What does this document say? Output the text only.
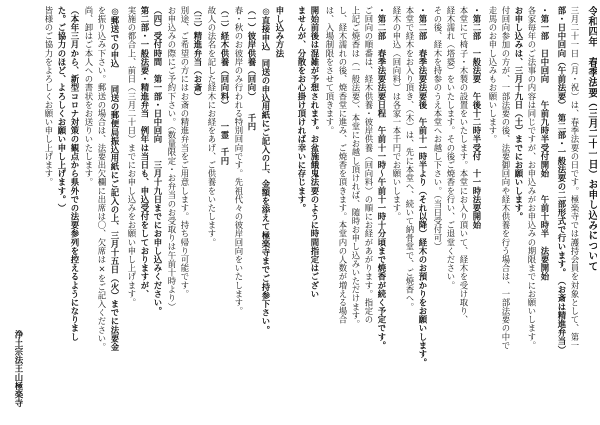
令和四年　春季法要（三月二十一日）お申し込みについて
三月二十一日（月・祝）は、春季法要の日です。極楽寺では護持会員を対象として、第一
部・日中回向（午前法要）　第二部・一般法要の二部形式で行います。（お斎は精進弁当）
・第一部　日中回向　　午前九時半受付開始　　午前十時半　法要開始
各家毎年のご法事の内容は同じですが、お申込みがお申込みの期限までにお願いします。
お申し込みは、三月十九日（土）までにお願いします。
付回向参加の方が、一部法要の後、法要御回向や経木供養を行う場合は、一部法要の中で
走馬のお申し込みもお願いします。
・第二部　一般法要　午後十二時半受付　十一時法要開始
本堂にて椅子・木製の設置をいたします。本堂にお入り頂いて、経木を受け取り、
経木濡れ（塔婆）をいたします。その後ご焼香を行い、ご退堂ください。
その後、経木を持参のうえ本堂へお越し下さい。（当日受付可）
・第二部　春季法要法要後　午前十一時半より（それ以降）経木のお預かりをお願いします。
本堂で経木をお入り頂き、（木）は、先に本堂へ、続いて納骨堂で、ご焼香へ。
経木の申込（回向料）は各家一本千円でお願いします。
・第二部　春季法要法要日程　午前十一時～午前十一時十分頃まで焼香が続く予定です。
ご回向の順番は、経木供養・彼岸供養（回向料）の順にお経があがります。指定の
上記ご焼香は（一般法要）、本堂にお越し頂ければ、随時お申し込みいただけます。
し、経木濡れの後、焼香堂に進み、ご焼香を頂きます。本堂内の人数が増える場合
は、入場制限をさせて頂きます。
開始前後は混雑が予想されます。お盆施餓鬼法要のように時間指定はござい
ませんが、分散をお心掛け頂ければ幸いに存じます。
申し込み方法
◎直接申込　同送の申込用紙にご記入の上、金額を添えて極楽寺までご持参下さい。
（一）彼岸供養（回向）　　千円
春・秋のお彼岸のみ行われる特別回向です。先祖代々の彼岸回向をいたします。
（二）経木供養（回向料）　　一霊　千円
故人の法名を記した経木にお経をあげ、ご供養をいたします。
（三）精進弁当（お斎）
別途、ご希望の方にはお斎の精進弁当をご用意します。持ち帰り可能です。
お申込みの際にご予約下さい。（数量限定・お弁当のお受取りは午前十時より）
（四）受付時間　第一部・日中回向　　三月十九日までにお申し込みください。
第二部・一般法要・精進弁当　例年は当日も、申込受付をしておりますが、
実施の都合上、前日（三月二十日）までにお申し込みをお願い申し上げます。
◎郵送での申込　　同送の郵便局振込用紙にご記入の上、三月十五日（火）までに法要金
を振り込み下さい。郵送の場合は、法要出欠欄に出席は〇、欠席は×をご記入ください。
尚、卸はご本人への書状をお送りいたします。
（本年三月から、新型コロナ対策の観点から県外での法要参列を控えるようになりまし
た。ご協力のほど、よろしくお願い申し上げます。）
皆様のご協力をよろしくお願い申し上げます。
浄土宗法王山極楽寺
